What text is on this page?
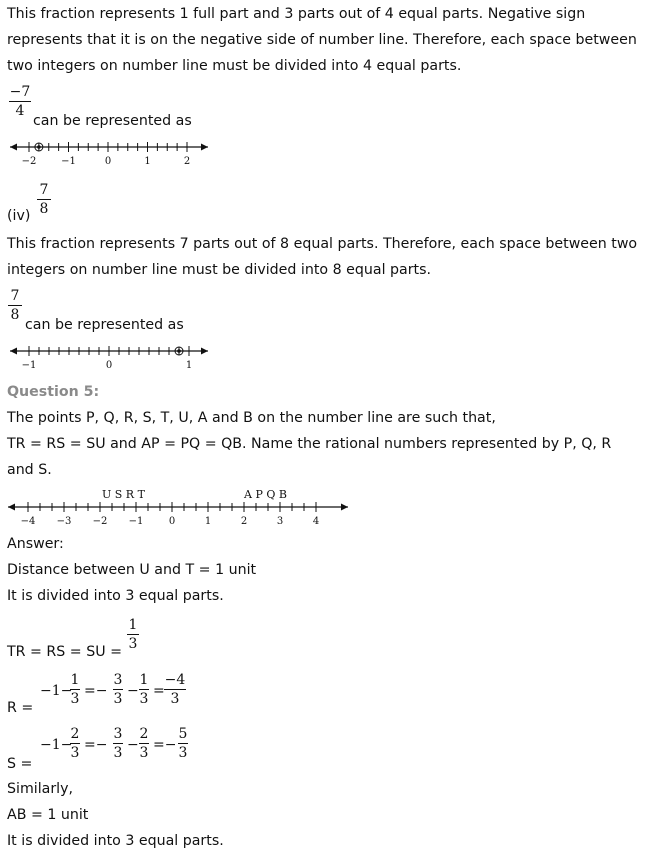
This fraction represents 1 full part and 3 parts out of 4 equal parts. Negative sign
represents that it is on the negative side of number line. Therefore, each space between
two integers on number line must be divided into 4 equal parts.
−7
4
can be represented as
−2 −1	0	1	2
(iv)
7
8
This fraction represents 7 parts out of 8 equal parts. Therefore, each space between two
integers on number line must be divided into 8 equal parts.
7
8
can be represented as
−1	0	1
Question 5:
The points P, Q, R, S, T, U, A and B on the number line are such that,
TR = RS = SU and AP = PQ = QB. Name the rational numbers represented by P, Q, R
and S.
U S R T	A P Q B
−4 −3 −2 −1	0	1	2	3	4
Answer:
Distance between U and T = 1 unit
It is divided into 3 equal parts.
TR = RS = SU =
1
3
R =
−1−
1
3 =−
3
3 −
1
3 =
−4
3
S =
−1−
2
3 =−
3
3 −
2
3 =−
5
3
Similarly,
AB = 1 unit
It is divided into 3 equal parts.
